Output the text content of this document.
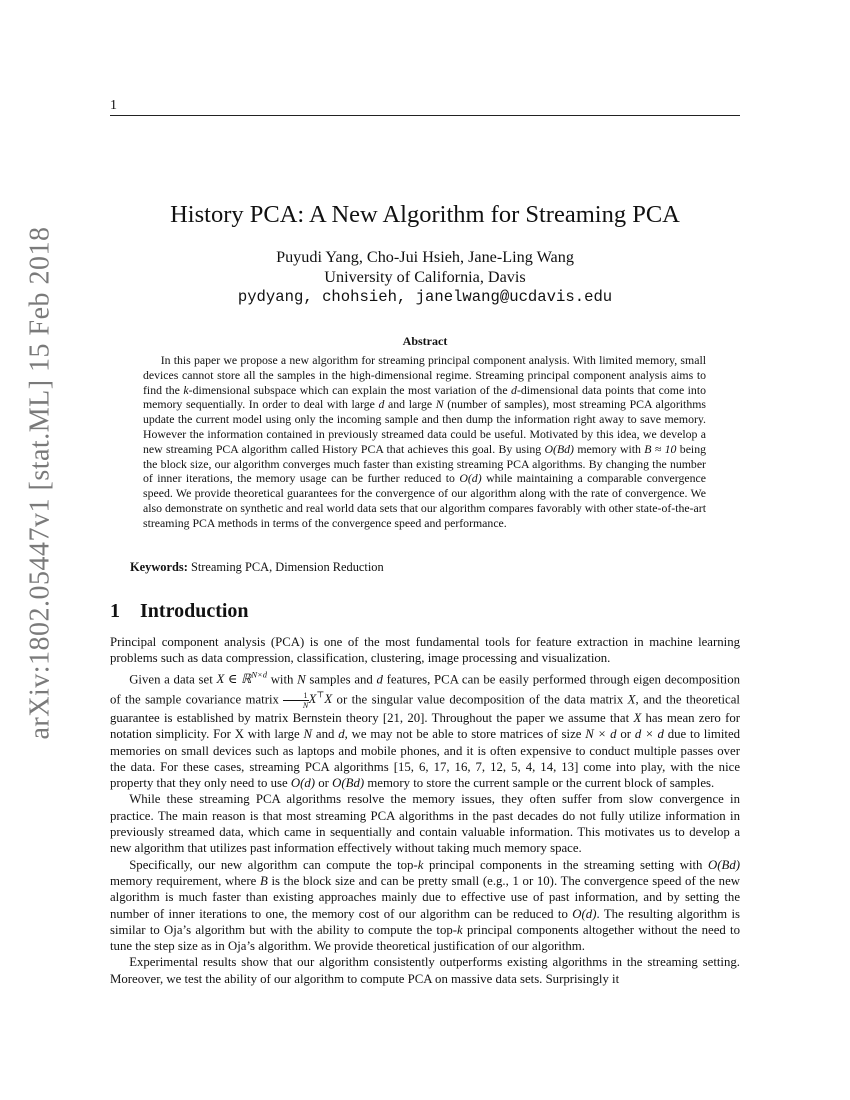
1
arXiv:1802.05447v1 [stat.ML] 15 Feb 2018
History PCA: A New Algorithm for Streaming PCA
Puyudi Yang, Cho-Jui Hsieh, Jane-Ling Wang
University of California, Davis
pydyang, chohsieh, janelwang@ucdavis.edu
Abstract
In this paper we propose a new algorithm for streaming principal component analysis. With limited memory, small devices cannot store all the samples in the high-dimensional regime. Streaming principal component analysis aims to find the k-dimensional subspace which can explain the most variation of the d-dimensional data points that come into memory sequentially. In order to deal with large d and large N (number of samples), most streaming PCA algorithms update the current model using only the incoming sample and then dump the information right away to save memory. However the information contained in previously streamed data could be useful. Motivated by this idea, we develop a new streaming PCA algorithm called History PCA that achieves this goal. By using O(Bd) memory with B ≈ 10 being the block size, our algorithm converges much faster than existing streaming PCA algorithms. By changing the number of inner iterations, the memory usage can be further reduced to O(d) while maintaining a comparable convergence speed. We provide theoretical guarantees for the convergence of our algorithm along with the rate of convergence. We also demonstrate on synthetic and real world data sets that our algorithm compares favorably with other state-of-the-art streaming PCA methods in terms of the convergence speed and performance.
Keywords: Streaming PCA, Dimension Reduction
1 Introduction

Principal component analysis (PCA) is one of the most fundamental tools for feature extraction in machine learning problems such as data compression, classification, clustering, image processing and visualization.

Given a data set X ∈ ℝ$^{N\times d}$ with N samples and d features, PCA can be easily performed through eigen decomposition of the sample covariance matrix $\frac{1}{N} X^⊤X$ or the singular value decomposition of the data matrix X, and the theoretical guarantee is established by matrix Bernstein theory [21, 20]. Throughout the paper we assume that X has mean zero for notation simplicity. For X with large N and d, we may not be able to store matrices of size N × d or d × d due to limited memories on small devices such as laptops and mobile phones, and it is often expensive to conduct multiple passes over the data. For these cases, streaming PCA algorithms [15, 6, 17, 16, 7, 12, 5, 4, 14, 13] come into play, with the nice property that they only need to use O(d) or O(Bd) memory to store the current sample or the current block of samples.

While these streaming PCA algorithms resolve the memory issues, they often suffer from slow convergence in practice. The main reason is that most streaming PCA algorithms in the past decades do not fully utilize information in previously streamed data, which came in sequentially and contain valuable information. This motivates us to develop a new algorithm that utilizes past information effectively without taking much memory space.

Specifically, our new algorithm can compute the top-k principal components in the streaming setting with O(Bd) memory requirement, where B is the block size and can be pretty small (e.g., 1 or 10). The convergence speed of the new algorithm is much faster than existing approaches mainly due to effective use of past information, and by setting the number of inner iterations to one, the memory cost of our algorithm can be reduced to O(d). The resulting algorithm is similar to Oja’s algorithm but with the ability to compute the top-k principal components altogether without the need to tune the step size as in Oja’s algorithm. We provide theoretical justification of our algorithm.

Experimental results show that our algorithm consistently outperforms existing algorithms in the streaming setting. Moreover, we test the ability of our algorithm to compute PCA on massive data sets. Surprisingly it
